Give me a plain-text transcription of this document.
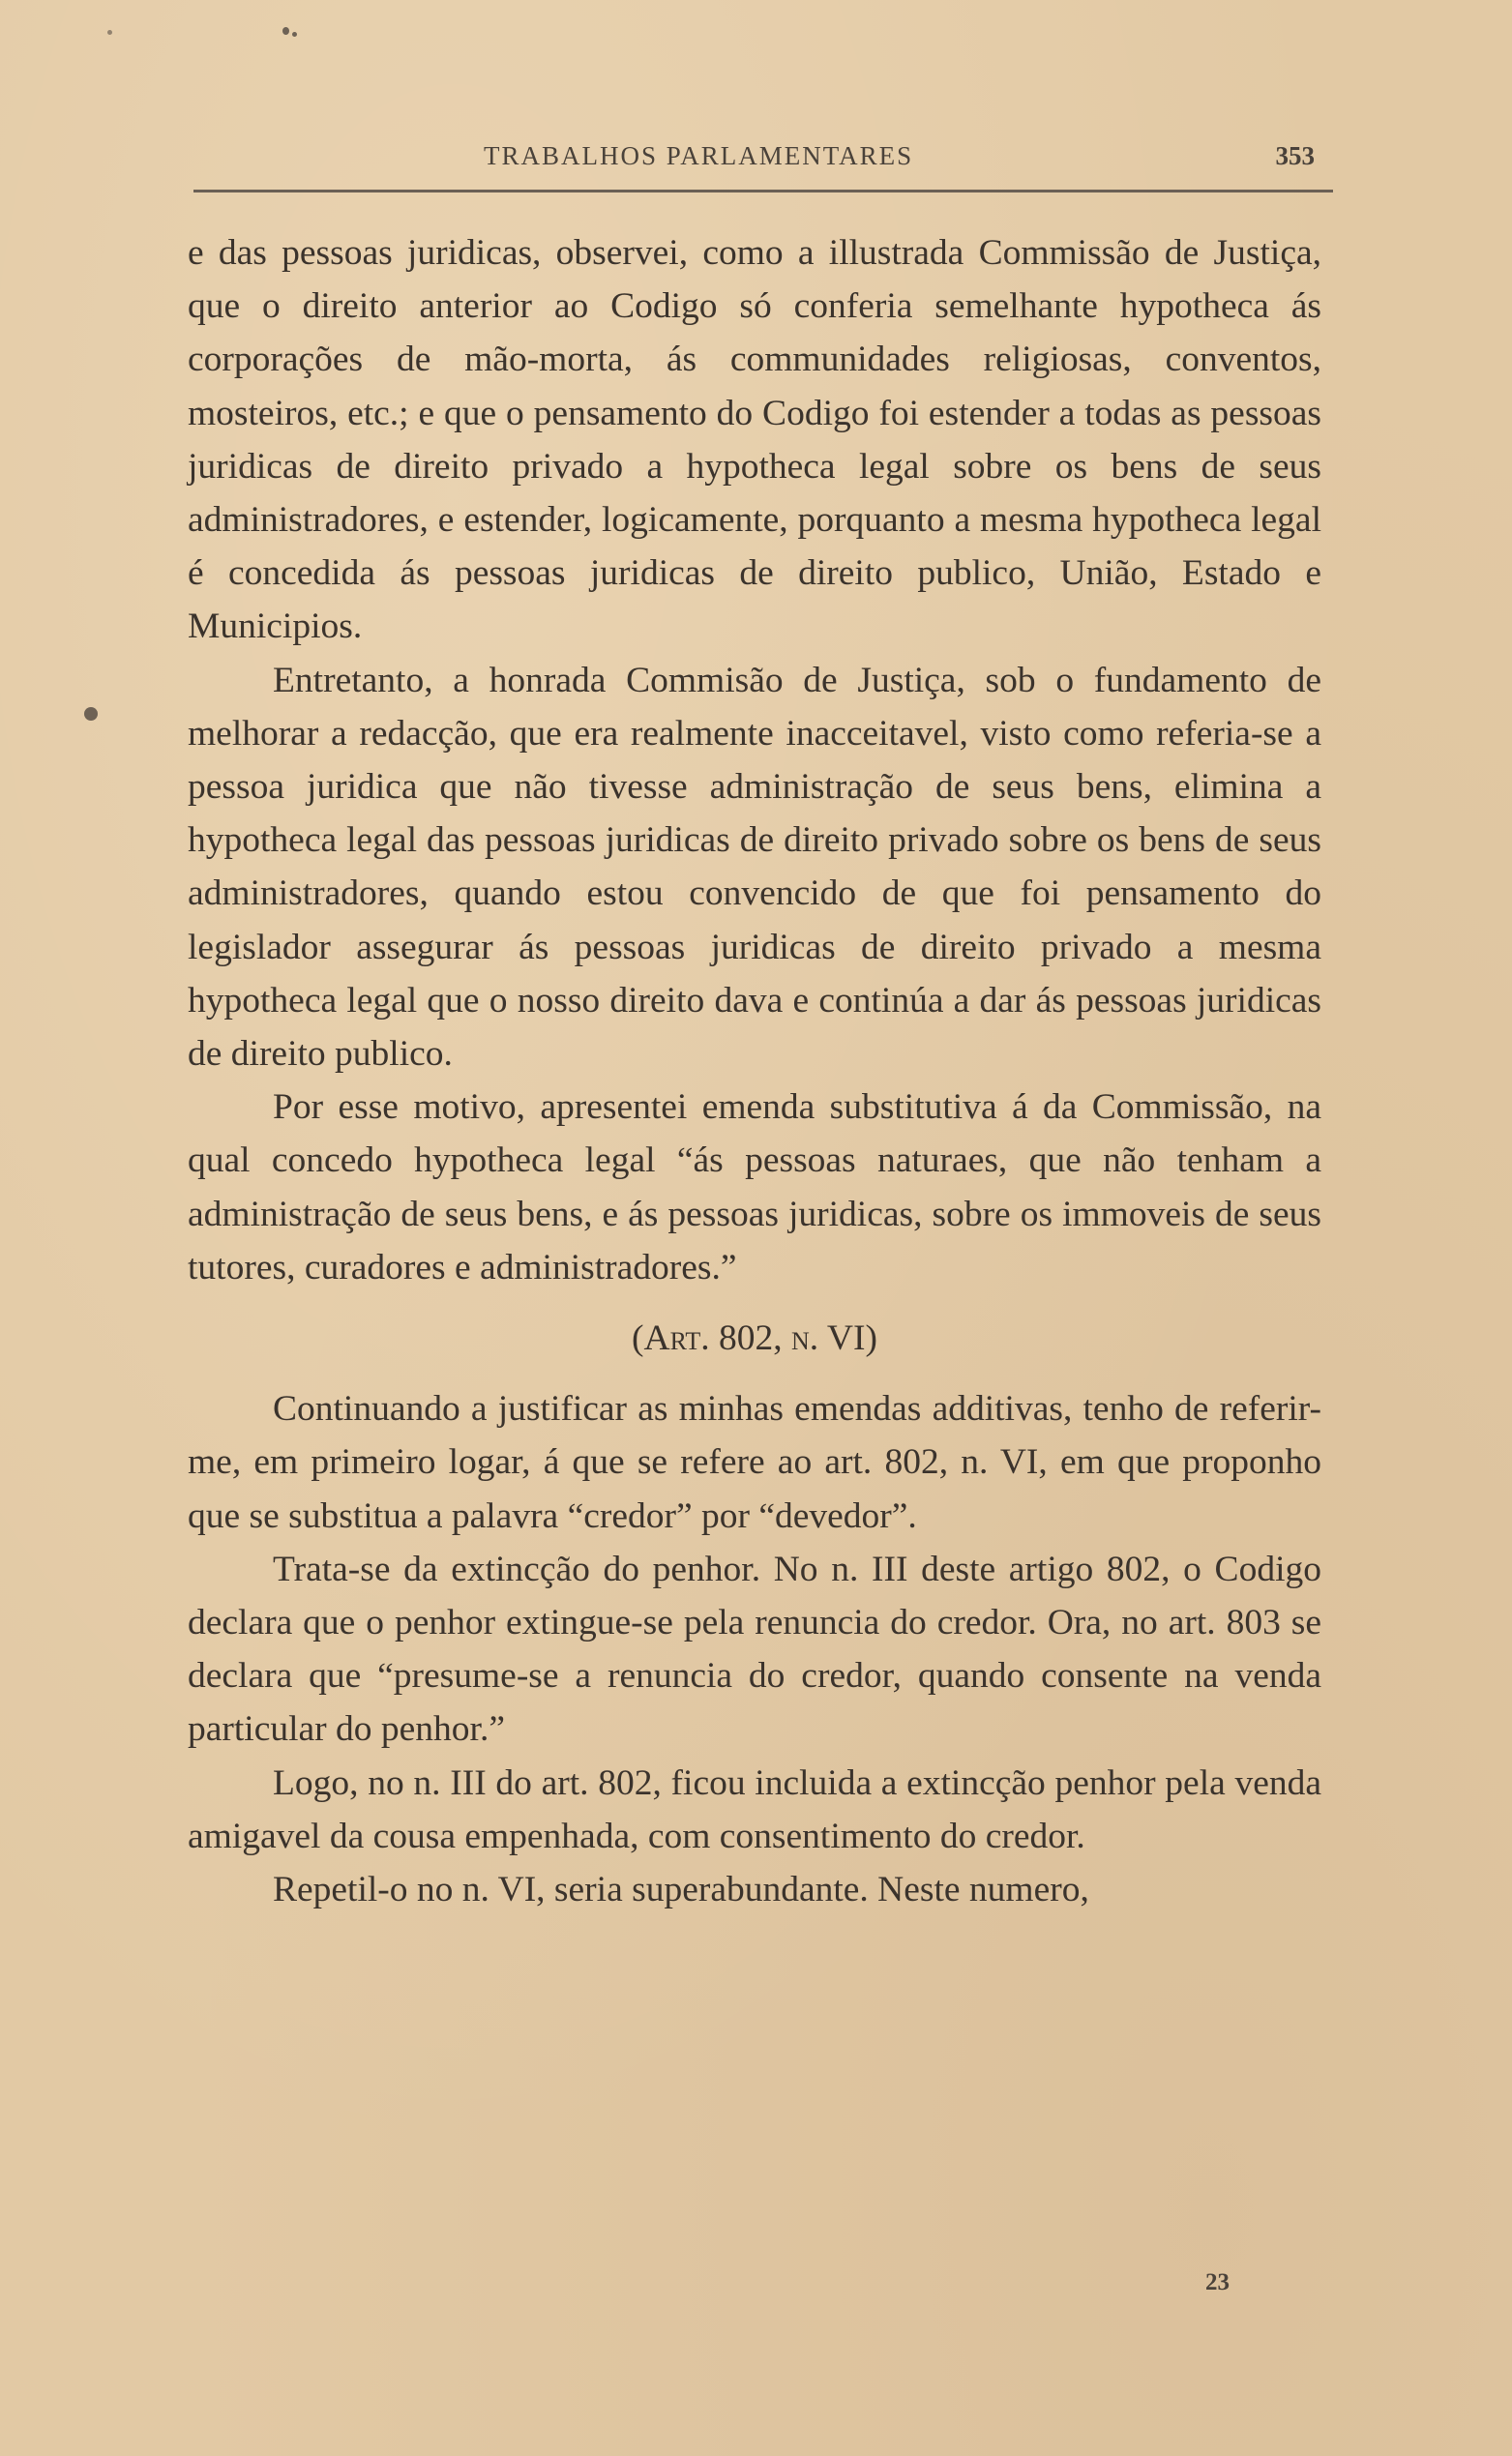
TRABALHOS PARLAMENTARES	353

e das pessoas juridicas, observei, como a illustrada Commissão de Justiça, que o direito anterior ao Codigo só conferia semelhante hypotheca ás corporações de mão-morta, ás communidades religiosas, conventos, mosteiros, etc.; e que o pensamento do Codigo foi estender a todas as pessoas juridicas de direito privado a hypotheca legal sobre os bens de seus administradores, e estender, logicamente, porquanto a mesma hypotheca legal é concedida ás pessoas juridicas de direito publico, União, Estado e Municipios.

Entretanto, a honrada Commisão de Justiça, sob o fundamento de melhorar a redacção, que era realmente inacceitavel, visto como referia-se a pessoa juridica que não tivesse administração de seus bens, elimina a hypotheca legal das pessoas juridicas de direito privado sobre os bens de seus administradores, quando estou convencido de que foi pensamento do legislador assegurar ás pessoas juridicas de direito privado a mesma hypotheca legal que o nosso direito dava e continúa a dar ás pessoas juridicas de direito publico.

Por esse motivo, apresentei emenda substitutiva á da Commissão, na qual concedo hypotheca legal “ás pessoas naturaes, que não tenham a administração de seus bens, e ás pessoas juridicas, sobre os immoveis de seus tutores, curadores e administradores.”

(Art. 802, n. VI)

Continuando a justificar as minhas emendas additivas, tenho de referir-me, em primeiro logar, á que se refere ao art. 802, n. VI, em que proponho que se substitua a palavra “credor” por “devedor”.

Trata-se da extincção do penhor. No n. III deste artigo 802, o Codigo declara que o penhor extingue-se pela renuncia do credor. Ora, no art. 803 se declara que “presume-se a renuncia do credor, quando consente na venda particular do penhor.”

Logo, no n. III do art. 802, ficou incluida a extincção penhor pela venda amigavel da cousa empenhada, com consentimento do credor.

Repetil-o no n. VI, seria superabundante. Neste numero,

23
